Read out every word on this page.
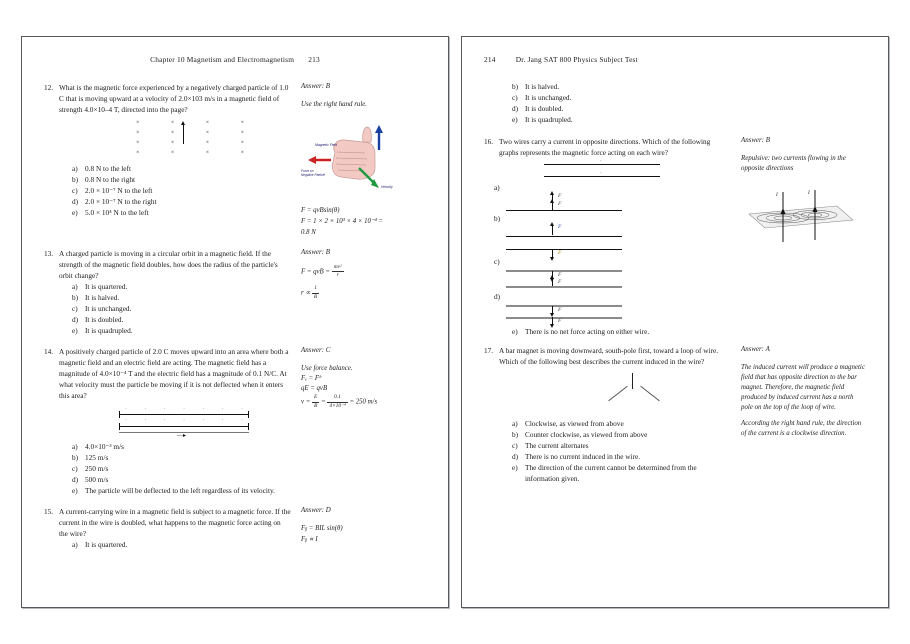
Chapter 10 Magnetism and Electromagnetism 213
12. What is the magnetic force experienced by a negatively charged particle of 1.0 C that is moving upward at a velocity of 2.0×103 m/s in a magnetic field of strength 4.0×10–4 T, directed into the page?
×	×	×	×
×	×	×	×
×	×	×	×
×	×	×	×
a)	0.8 N to the left
b) 0.8 N to the right
c)	2.0 × 10⁻⁷ N to the left
d) 2.0 × 10⁻⁷ N to the right
e)	5.0 × 10⁴ N to the left
Answer: B
Use the right hand rule.
Magnetic Field
Force on
Negative Particle
Velocity
F = qvBsin(θ)
F = 1 × 2 × 10³ × 4 × 10⁻⁴ =
0.8 N
13. A charged particle is moving in a circular orbit in a magnetic field. If the strength of the magnetic field doubles, how does the radius of the particle's orbit change?
a)	It is quartered.
b) It is halved.
c)	It is unchanged.
d) It is doubled.
e)	It is quadrupled.
Answer: B
F = qvB = $\frac{\text{mv²}}{r}$
$r \propto \frac{1}{B}$
14. A positively charged particle of 2.0 C moves upward into an area where both a magnetic field and an electric field are acting. The magnetic field has a magnitude of 4.0×10⁻⁴ T and the electric field has a magnitude of 0.1 N/C. At what velocity must the particle be moving if it is not deflected when it enters this area?
·	·	·	·	·	·	·
·	·	·	·	·	·	·
—▸
a)	4.0×10⁻³ m/s
b) 125 m/s
c)	250 m/s
d) 500 m/s
e)	The particle will be deflected to the left regardless of its velocity.
Answer: C
Use force balance.
Fₑ = Fᵇ
qE = qvB
$v = \frac{E}{B} = \frac{0.1}{\text{4×10⁻⁴}} = 250$ m/s
15. A current-carrying wire in a magnetic field is subject to a magnetic force. If the current in the wire is doubled, what happens to the magnetic force acting on the wire?
a)	It is quartered.
Answer: D
Fᵦ = BIL sin(θ)
Fᵦ ∝ I
214	Dr. Jang SAT 800 Physics Subject Test
b) It is halved.
c)	It is unchanged.
d) It is doubled.
e)	It is quadrupled.
16. Two wires carry a current in opposite directions. Which of the following graphs represents the magnetic force acting on each wire?
·
·
a)
F
F
b)
F
F
c)
F
F
d)
F
F
e)	There is no net force acting on either wire.
Answer: B
Repulsive: two currents flowing in the opposite directions
I	I
17. A bar magnet is moving downward, south-pole first, toward a loop of wire. Which of the following best describes the current induced in the wire?
a)	Clockwise, as viewed from above
b) Counter clockwise, as viewed from above
c)	The current alternates
d) There is no current induced in the wire.
e)	The direction of the current cannot be determined from the information given.
Answer: A
The induced current will produce a magnetic field that has opposite direction to the bar magnet. Therefore, the magnetic field produced by induced current has a north pole on the top of the loop of wire.
According the right hand rule, the direction of the current is a clockwise direction.
